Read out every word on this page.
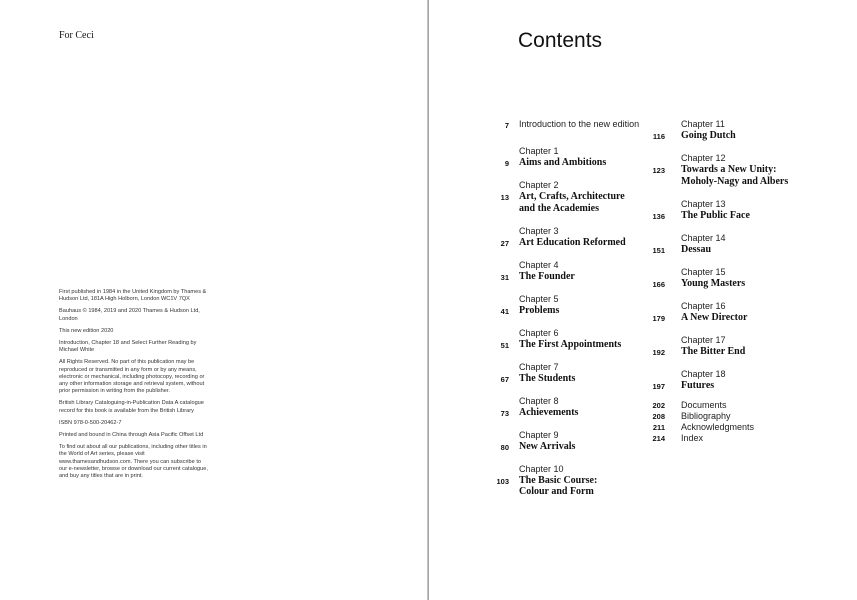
For Ceci

First published in 1984 in the United Kingdom by Thames & Hudson Ltd, 181A High Holborn, London WC1V 7QX

Bauhaus © 1984, 2019 and 2020 Thames & Hudson Ltd, London

This new edition 2020

Introduction, Chapter 18 and Select Further Reading by Michael White

All Rights Reserved. No part of this publication may be reproduced or transmitted in any form or by any means, electronic or mechanical, including photocopy, recording or any other information storage and retrieval system, without prior permission in writing from the publisher.

British Library Cataloguing-in-Publication Data A catalogue record for this book is available from the British Library

ISBN 978-0-500-20462-7

Printed and bound in China through Asia Pacific Offset Ltd

To find out about all our publications, including other titles in the World of Art series, please visit www.thamesandhudson.com. There you can subscribe to our e-newsletter, browse or download our current catalogue, and buy any titles that are in print.

Contents
7 Introduction to the new edition
9
Chapter 1
Aims and Ambitions
13
Chapter 2
Art, Crafts, Architecture and the Academies
27
Chapter 3
Art Education Reformed
31
Chapter 4
The Founder
41
Chapter 5
Problems
51
Chapter 6
The First Appointments
67
Chapter 7
The Students
73
Chapter 8
Achievements
80
Chapter 9
New Arrivals
103
Chapter 10
The Basic Course: Colour and Form
116
Chapter 11
Going Dutch
123
Chapter 12
Towards a New Unity: Moholy-Nagy and Albers
136
Chapter 13
The Public Face
151
Chapter 14
Dessau
166
Chapter 15
Young Masters
179
Chapter 16
A New Director
192
Chapter 17
The Bitter End
197
Chapter 18
Futures
202 Documents
208 Bibliography
211 Acknowledgments
214 Index
